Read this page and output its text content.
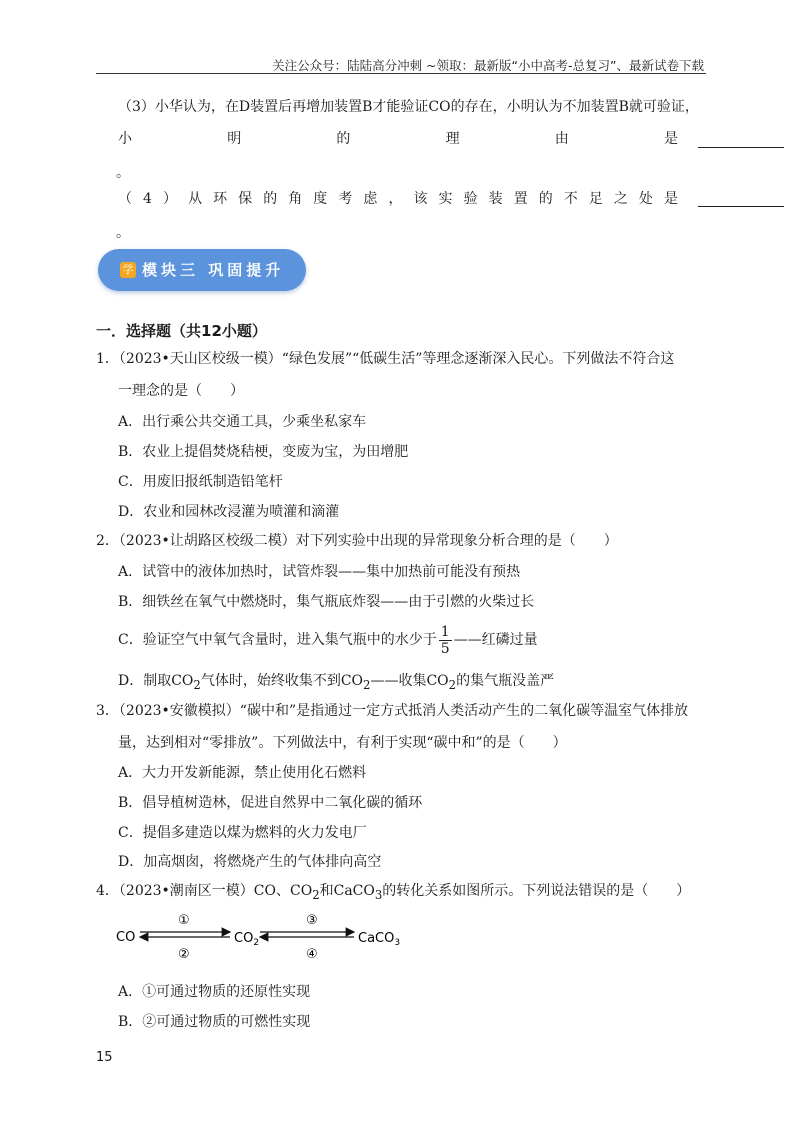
关注公众号：陆陆高分冲刺 ~领取：最新版“小中高考-总复习”、最新试卷下载
（3）小华认为，在D装置后再增加装置B才能验证CO的存在，小明认为不加装置B就可验证，
小	明	的	理	由	是
。
（ 4 ） 从 环 保 的 角 度 考 虑 ， 该 实 验 装 置 的 不 足 之 处 是
。
学 模块三 巩固提升
一．选择题（共12小题）
1．（2023•天山区校级一模）“绿色发展”“低碳生活”等理念逐渐深入民心。下列做法不符合这
一理念的是（　　）
A．出行乘公共交通工具，少乘坐私家车
B．农业上提倡焚烧秸梗，变废为宝，为田增肥
C．用废旧报纸制造铅笔杆
D．农业和园林改浸灌为喷灌和滴灌
2．（2023•让胡路区校级二模）对下列实验中出现的异常现象分析合理的是（　　）
A．试管中的液体加热时，试管炸裂——集中加热前可能没有预热
B．细铁丝在氧气中燃烧时，集气瓶底炸裂——由于引燃的火柴过长
C．验证空气中氧气含量时，进入集气瓶中的水少于 $\frac{1}{5}$ ——红磷过量
D．制取$CO_2$气体时，始终收集不到$CO_2——$收集$CO_2$的集气瓶没盖严
3．（2023•安徽模拟）“碳中和”是指通过一定方式抵消人类活动产生的二氧化碳等温室气体排放
量，达到相对“零排放”。下列做法中，有利于实现“碳中和”的是（　　）
A．大力开发新能源，禁止使用化石燃料
B．倡导植树造林，促进自然界中二氧化碳的循环
C．提倡多建造以煤为燃料的火力发电厂
D．加高烟囱，将燃烧产生的气体排向高空
4．（2023•潮南区一模）CO、$CO_2$和CaCO$_3$的转化关系如图所示。下列说法错误的是（　　）
CO	$CO_2$	CaCO$_3$
①
②
③
④
A．①可通过物质的还原性实现
B．②可通过物质的可燃性实现
15
